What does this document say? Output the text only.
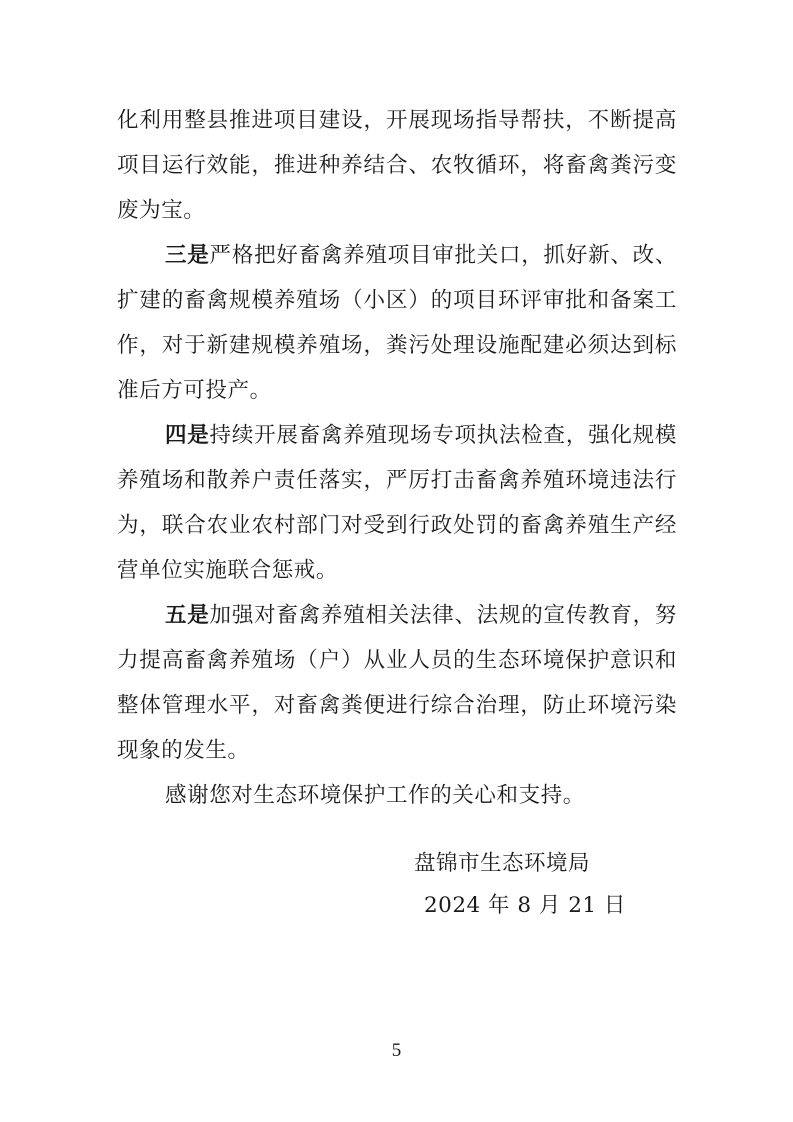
化利用整县推进项目建设，开展现场指导帮扶，不断提高项目运行效能，推进种养结合、农牧循环，将畜禽粪污变废为宝。

三是严格把好畜禽养殖项目审批关口，抓好新、改、扩建的畜禽规模养殖场（小区）的项目环评审批和备案工作，对于新建规模养殖场，粪污处理设施配建必须达到标准后方可投产。

四是持续开展畜禽养殖现场专项执法检查，强化规模养殖场和散养户责任落实，严厉打击畜禽养殖环境违法行为，联合农业农村部门对受到行政处罚的畜禽养殖生产经营单位实施联合惩戒。

五是加强对畜禽养殖相关法律、法规的宣传教育，努力提高畜禽养殖场（户）从业人员的生态环境保护意识和整体管理水平，对畜禽粪便进行综合治理，防止环境污染现象的发生。

感谢您对生态环境保护工作的关心和支持。

盘锦市生态环境局
2024 年 8 月 21 日
5
